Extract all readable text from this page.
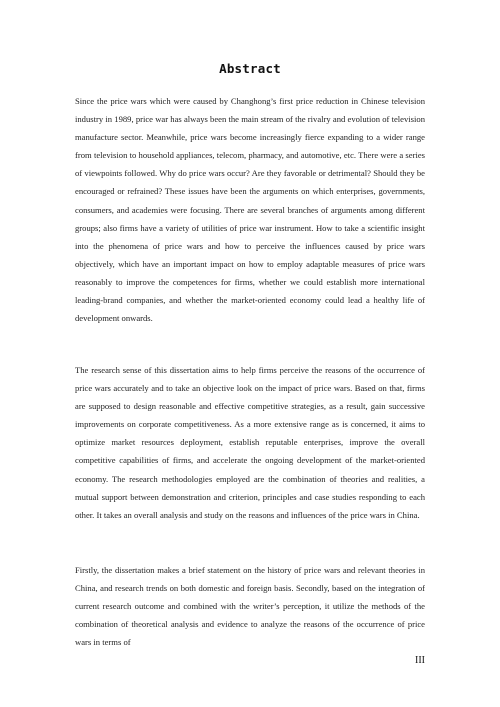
Abstract

Since the price wars which were caused by Changhong’s first price reduction in Chinese television industry in 1989, price war has always been the main stream of the rivalry and evolution of television manufacture sector. Meanwhile, price wars become increasingly fierce expanding to a wider range from television to household appliances, telecom, pharmacy, and automotive, etc. There were a series of viewpoints followed. Why do price wars occur? Are they favorable or detrimental? Should they be encouraged or refrained? These issues have been the arguments on which enterprises, governments, consumers, and academies were focusing. There are several branches of arguments among different groups; also firms have a variety of utilities of price war instrument. How to take a scientific insight into the phenomena of price wars and how to perceive the influences caused by price wars objectively, which have an important impact on how to employ adaptable measures of price wars reasonably to improve the competences for firms, whether we could establish more international leading-brand companies, and whether the market-oriented economy could lead a healthy life of development onwards.

The research sense of this dissertation aims to help firms perceive the reasons of the occurrence of price wars accurately and to take an objective look on the impact of price wars. Based on that, firms are supposed to design reasonable and effective competitive strategies, as a result, gain successive improvements on corporate competitiveness. As a more extensive range as is concerned, it aims to optimize market resources deployment, establish reputable enterprises, improve the overall competitive capabilities of firms, and accelerate the ongoing development of the market-oriented economy. The research methodologies employed are the combination of theories and realities, a mutual support between demonstration and criterion, principles and case studies responding to each other. It takes an overall analysis and study on the reasons and influences of the price wars in China.

Firstly, the dissertation makes a brief statement on the history of price wars and relevant theories in China, and research trends on both domestic and foreign basis. Secondly, based on the integration of current research outcome and combined with the writer’s perception, it utilize the methods of the combination of theoretical analysis and evidence to analyze the reasons of the occurrence of price wars in terms of

III
